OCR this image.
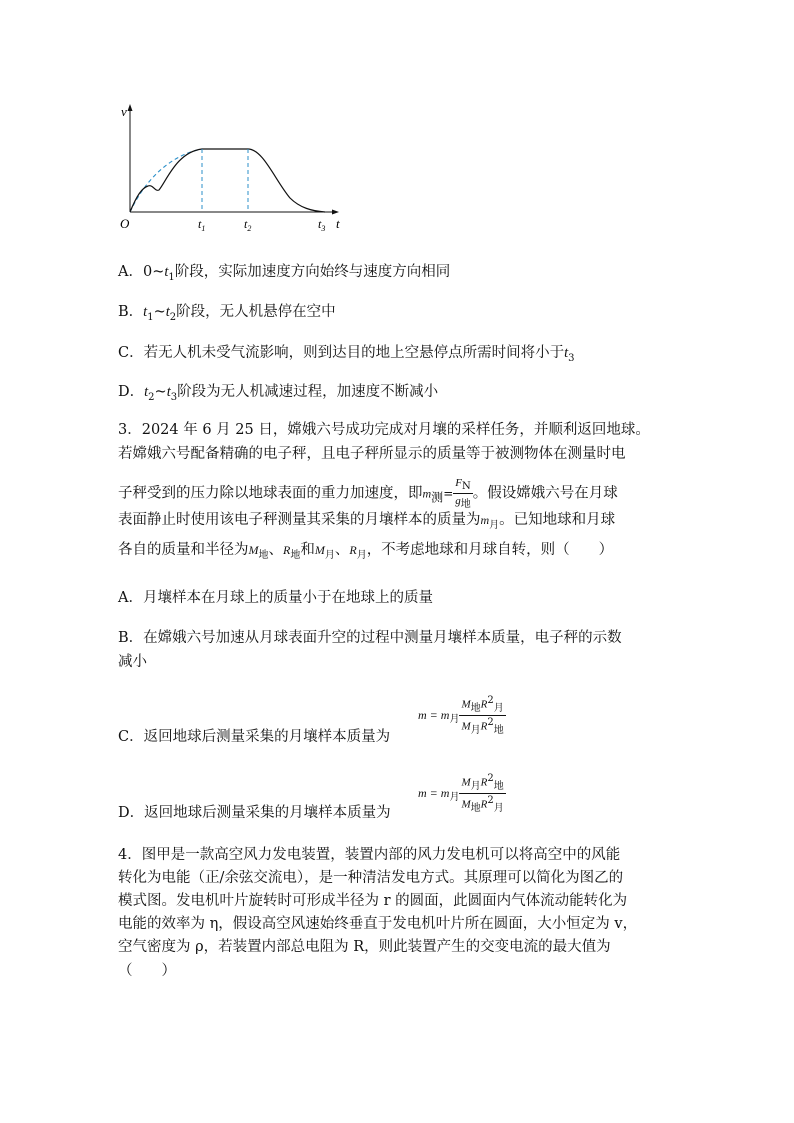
v
O	t
$t_1$	$t_2$	$t_3$
A．$0\sim t_1$阶段，实际加速度方向始终与速度方向相同
B．$t_1\sim t_2$阶段，无人机悬停在空中
C．若无人机未受气流影响，则到达目的地上空悬停点所需时间将小于$t_3$
D．$t_2\sim t_3$阶段为无人机减速过程，加速度不断减小
3．2024 年 6 月 25 日，嫦娥六号成功完成对月壤的采样任务，并顺利返回地球。
若嫦娥六号配备精确的电子秤，且电子秤所显示的质量等于被测物体在测量时电
子秤受到的压力除以地球表面的重力加速度，即$m_测= \frac{F_N}{g_地}$ 。假设嫦娥六号在月球
表面静止时使用该电子秤测量其采集的月壤样本的质量为$m_月$。已知地球和月球
各自的质量和半径为$M_地$、$R_地$和$M_月$、$R_月$，不考虑地球和月球自转，则（　　）
A．月壤样本在月球上的质量小于在地球上的质量
B．在嫦娥六号加速从月球表面升空的过程中测量月壤样本质量，电子秤的示数
减小
C．返回地球后测量采集的月壤样本质量为
$m = m_月 \frac{M_地R^2_月}{M_月R^2_地}$
D．返回地球后测量采集的月壤样本质量为
$m = m_月 \frac{M_月R^2_地}{M_地R^2_月}$
4．图甲是一款高空风力发电装置，装置内部的风力发电机可以将高空中的风能
转化为电能（正/余弦交流电），是一种清洁发电方式。其原理可以简化为图乙的
模式图。发电机叶片旋转时可形成半径为 r 的圆面，此圆面内气体流动能转化为
电能的效率为 η，假设高空风速始终垂直于发电机叶片所在圆面，大小恒定为 v，
空气密度为 ρ，若装置内部总电阻为 R，则此装置产生的交变电流的最大值为
（　　）
